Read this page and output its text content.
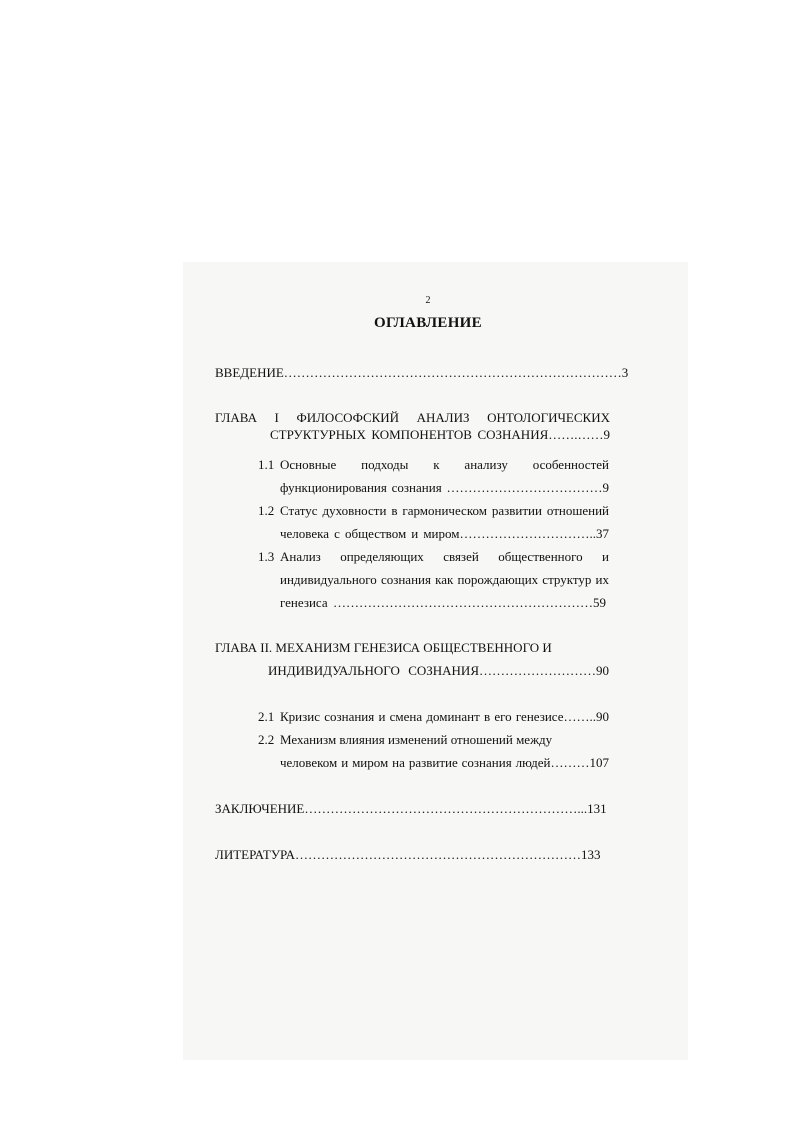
2
ОГЛАВЛЕНИЕ
ВВЕДЕНИЕ……………………………………………………………………3
ГЛАВА I ФИЛОСОФСКИЙ АНАЛИЗ ОНТОЛОГИЧЕСКИХ
СТРУКТУРНЫХ КОМПОНЕНТОВ СОЗНАНИЯ…….……9
1.1 Основные подходы к анализу особенностей
функционирования сознания ………………………………9
1.2 Статус духовности в гармоническом развитии отношений
человека с обществом и миром…………………………..37
1.3 Анализ определяющих связей общественного и
индивидуального сознания как порождающих структур их
генезиса ……………………………………………………59
ГЛАВА II. МЕХАНИЗМ ГЕНЕЗИСА ОБЩЕСТВЕННОГО И
ИНДИВИДУАЛЬНОГО СОЗНАНИЯ………………………90
2.1 Кризис сознания и смена доминант в его генезисе……..90
2.2 Механизм влияния изменений отношений между
человеком и миром на развитие сознания людей………107
ЗАКЛЮЧЕНИЕ………………………………………………………...131
ЛИТЕРАТУРА…………………………………………………………133
